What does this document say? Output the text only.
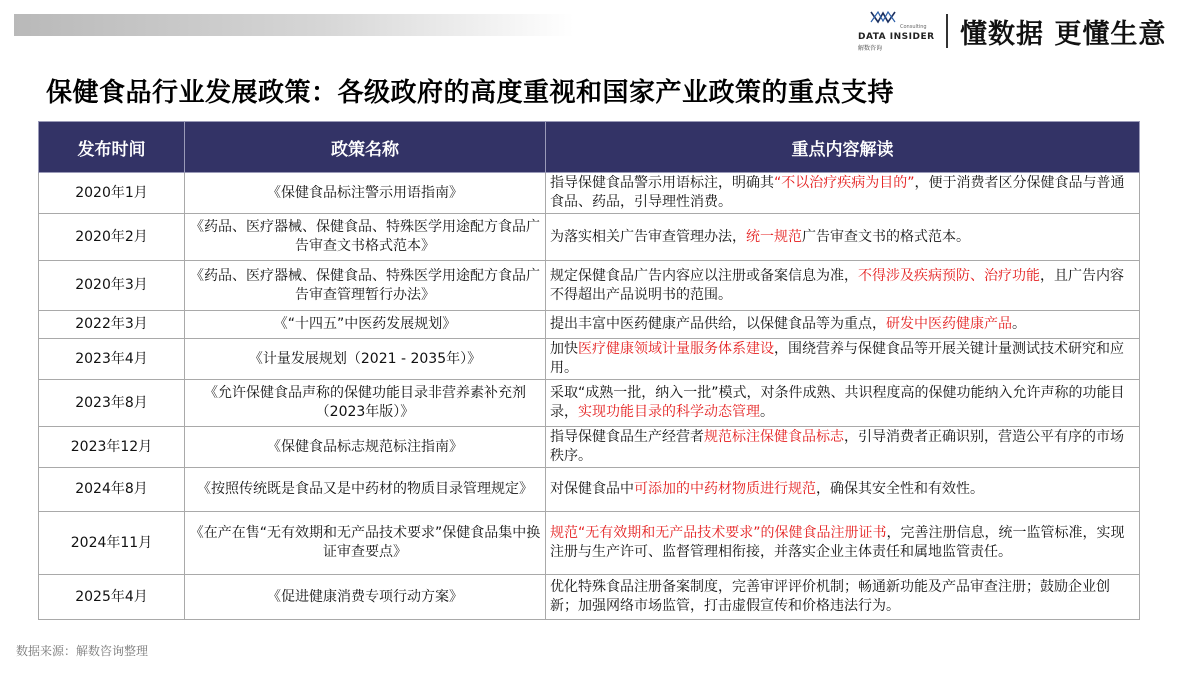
Consulting
DATA INSIDER
解数咨询	懂数据 更懂生意
保健食品行业发展政策：各级政府的高度重视和国家产业政策的重点支持
发布时间	政策名称	重点内容解读
2020年1月	《保健食品标注警示用语指南》	指导保健食品警示用语标注，明确其“不以治疗疾病为目的”，便于消费者区分保健食品与普通食品、药品，引导理性消费。
2020年2月	《药品、医疗器械、保健食品、特殊医学用途配方食品广告审查文书格式范本》	为落实相关广告审查管理办法，统一规范广告审查文书的格式范本。
2020年3月	《药品、医疗器械、保健食品、特殊医学用途配方食品广告审查管理暂行办法》	规定保健食品广告内容应以注册或备案信息为准，不得涉及疾病预防、治疗功能，且广告内容不得超出产品说明书的范围。
2022年3月	《“十四五”中医药发展规划》	提出丰富中医药健康产品供给，以保健食品等为重点，研发中医药健康产品。
2023年4月	《计量发展规划（2021 - 2035年）》	加快医疗健康领域计量服务体系建设，围绕营养与保健食品等开展关键计量测试技术研究和应用。
2023年8月	《允许保健食品声称的保健功能目录非营养素补充剂（2023年版）》	采取“成熟一批，纳入一批”模式，对条件成熟、共识程度高的保健功能纳入允许声称的功能目录，实现功能目录的科学动态管理。
2023年12月	《保健食品标志规范标注指南》	指导保健食品生产经营者规范标注保健食品标志，引导消费者正确识别，营造公平有序的市场秩序。
2024年8月	《按照传统既是食品又是中药材的物质目录管理规定》	对保健食品中可添加的中药材物质进行规范，确保其安全性和有效性。
2024年11月	《在产在售“无有效期和无产品技术要求”保健食品集中换证审查要点》	规范“无有效期和无产品技术要求”的保健食品注册证书，完善注册信息，统一监管标准，实现注册与生产许可、监督管理相衔接，并落实企业主体责任和属地监管责任。
2025年4月	《促进健康消费专项行动方案》	优化特殊食品注册备案制度，完善审评评价机制；畅通新功能及产品审查注册；鼓励企业创新；加强网络市场监管，打击虚假宣传和价格违法行为。
数据来源：解数咨询整理
